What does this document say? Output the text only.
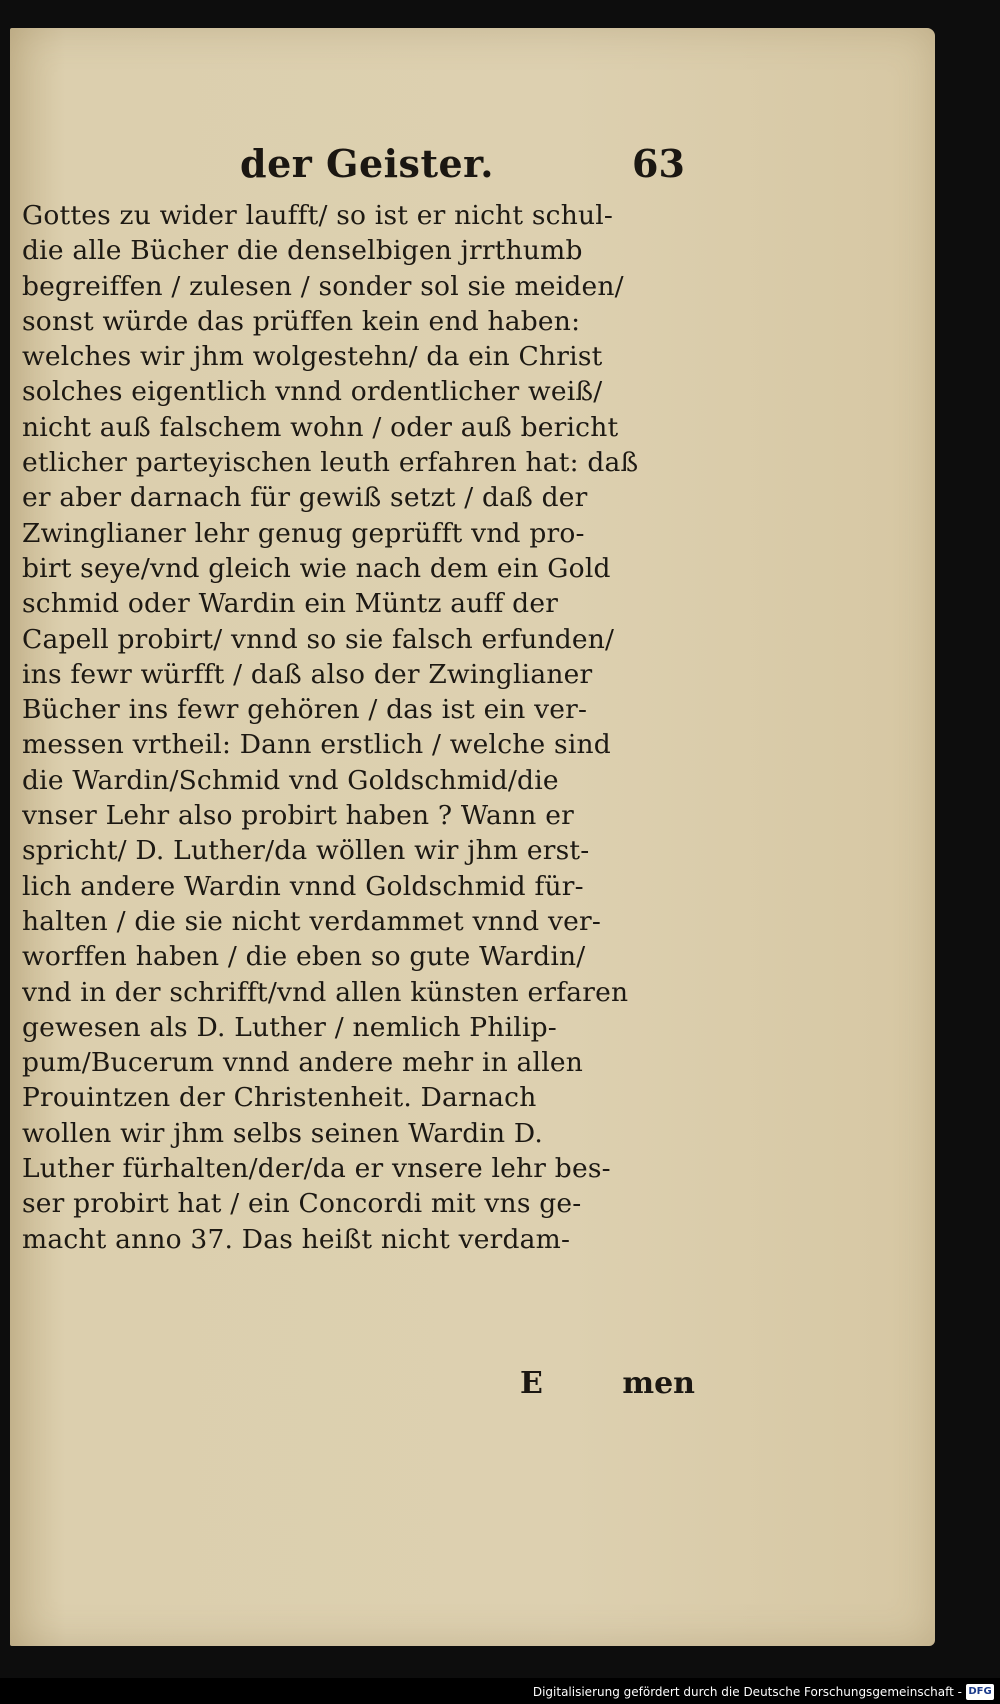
der Geister.	63
Gottes zu wider laufft/ so ist er nicht schul-
die alle Bücher die denselbigen jrrthumb
begreiffen / zulesen / sonder sol sie meiden/
sonst würde das prüffen kein end haben:
welches wir jhm wolgestehn/ da ein Christ
solches eigentlich vnnd ordentlicher weiß/
nicht auß falschem wohn / oder auß bericht
etlicher parteyischen leuth erfahren hat: daß
er aber darnach für gewiß setzt / daß der
Zwinglianer lehr genug geprüfft vnd pro-
birt seye/vnd gleich wie nach dem ein Gold
schmid oder Wardin ein Müntz auff der
Capell probirt/ vnnd so sie falsch erfunden/
ins fewr würfft / daß also der Zwinglianer
Bücher ins fewr gehören / das ist ein ver-
messen vrtheil: Dann erstlich / welche sind
die Wardin/Schmid vnd Goldschmid/die
vnser Lehr also probirt haben ? Wann er
spricht/ D. Luther/da wöllen wir jhm erst-
lich andere Wardin vnnd Goldschmid für-
halten / die sie nicht verdammet vnnd ver-
worffen haben / die eben so gute Wardin/
vnd in der schrifft/vnd allen künsten erfaren
gewesen als D. Luther / nemlich Philip-
pum/Bucerum vnnd andere mehr in allen
Prouintzen der Christenheit. Darnach
wollen wir jhm selbs seinen Wardin D.
Luther fürhalten/der/da er vnsere lehr bes-
ser probirt hat / ein Concordi mit vns ge-
macht anno 37. Das heißt nicht verdam-
E	men
Digitalisierung gefördert durch die Deutsche Forschungsgemeinschaft - DFG
